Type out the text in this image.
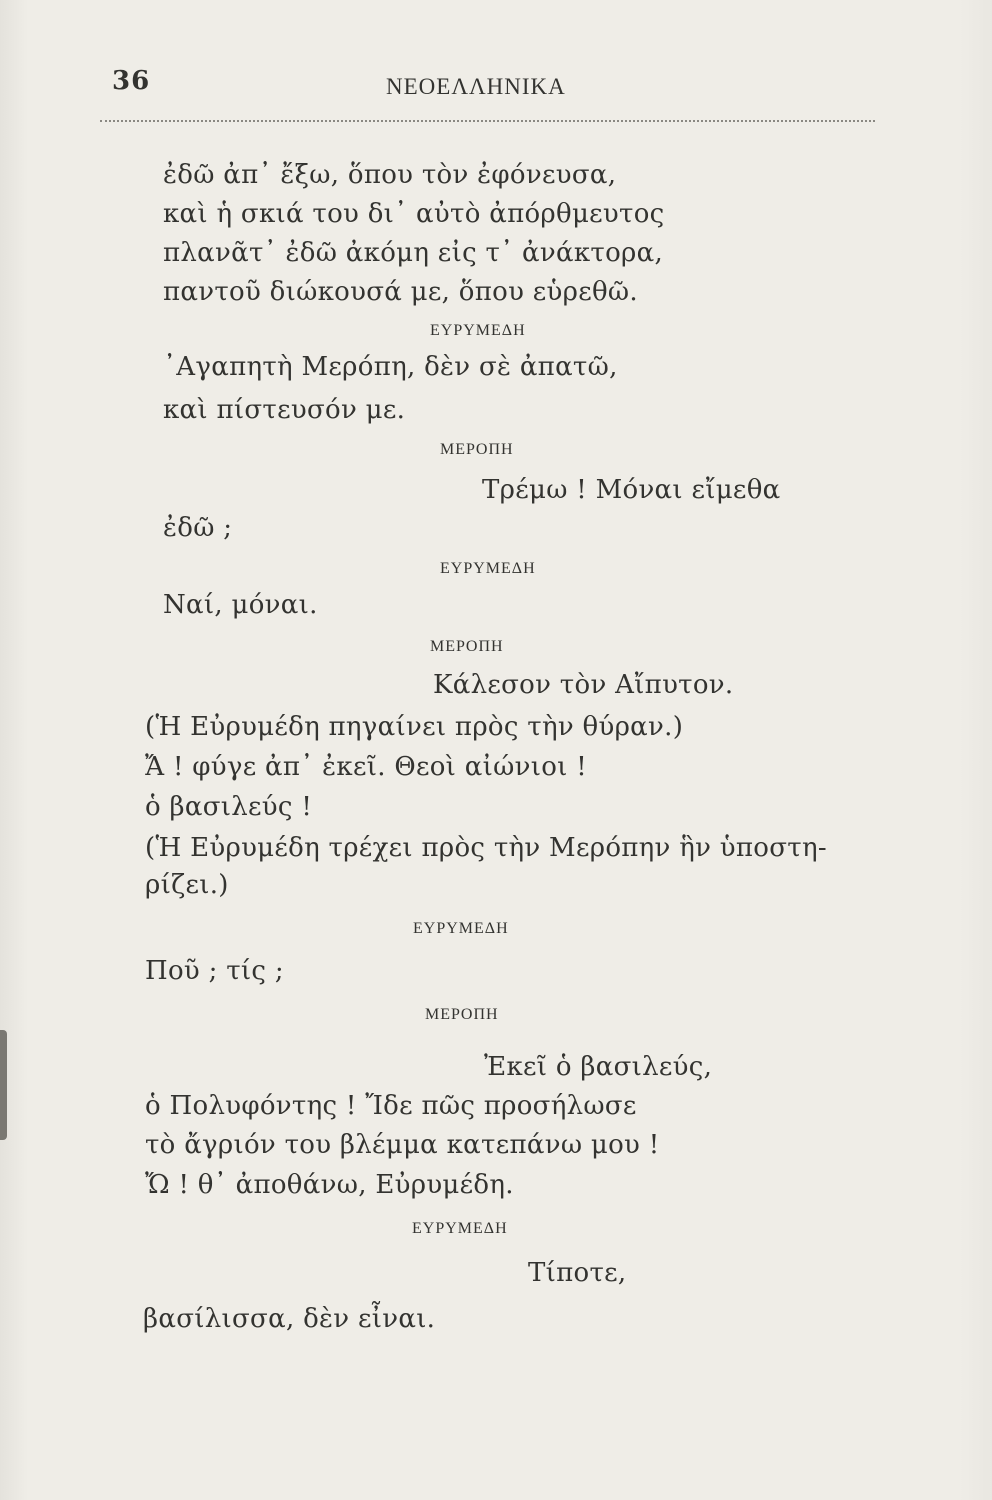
36	ΝΕΟΕΛΛΗΝΙΚΑ
ἐδῶ ἀπ᾿ ἔξω, ὅπου τὸν ἐφόνευσα,
καὶ ἡ σκιά του δι᾿ αὐτὸ ἀπόρθμευτος
πλανᾶτ᾿ ἐδῶ ἀκόμη εἰς τ᾿ ἀνάκτορα,
παντοῦ διώκουσά με, ὅπου εὑρεθῶ.
ΕΥΡΥΜΕΔΗ
᾿Αγαπητὴ Μερόπη, δὲν σὲ ἀπατῶ,
καὶ πίστευσόν με.
ΜΕΡΟΠΗ
Τρέμω ! Μόναι εἴμεθα
ἐδῶ ;
ΕΥΡΥΜΕΔΗ
Ναί, μόναι.
ΜΕΡΟΠΗ
Κάλεσον τὸν Αἴπυτον.
(Ἡ Εὐρυμέδη πηγαίνει πρὸς τὴν θύραν.)
Ἄ ! φύγε ἀπ᾿ ἐκεῖ. Θεοὶ αἰώνιοι !
ὁ βασιλεύς !
(Ἡ Εὐρυμέδη τρέχει πρὸς τὴν Μερόπην ἣν ὑποστη-
ρίζει.)
ΕΥΡΥΜΕΔΗ
Ποῦ ; τίς ;
ΜΕΡΟΠΗ
Ἐκεῖ ὁ βασιλεύς,
ὁ Πολυφόντης ! Ἴδε πῶς προσήλωσε
τὸ ἄγριόν του βλέμμα κατεπάνω μου !
Ὤ ! θ᾿ ἀποθάνω, Εὐρυμέδη.
ΕΥΡΥΜΕΔΗ
Τίποτε,
βασίλισσα, δὲν εἶναι.
